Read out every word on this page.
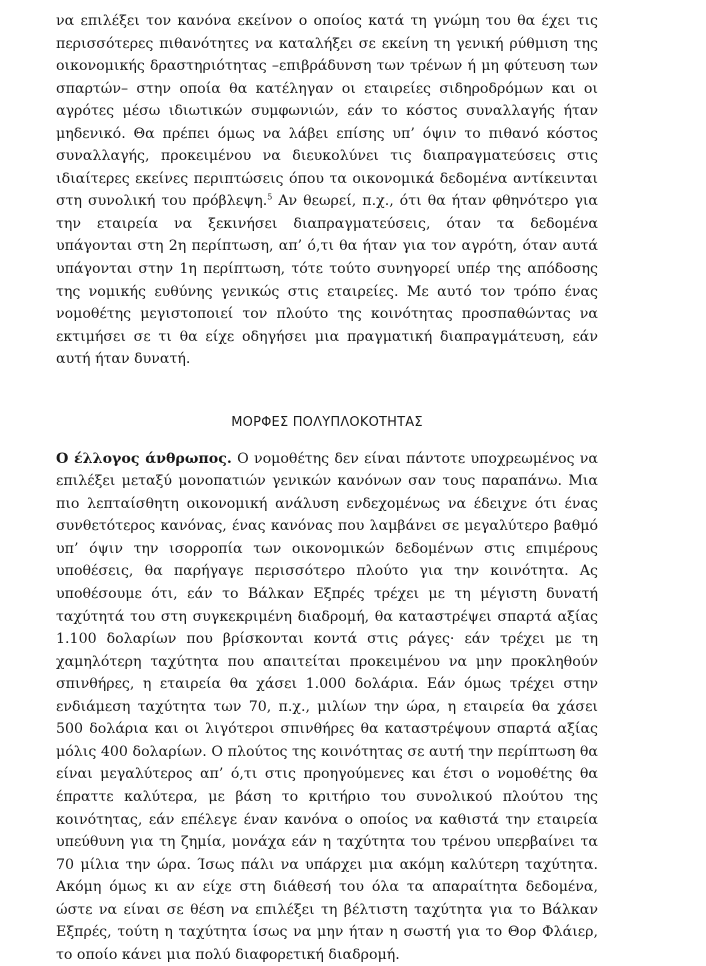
να επιλέξει τον κανόνα εκείνον ο οποίος κατά τη γνώμη του θα έχει τις περισσότερες πιθανότητες να καταλήξει σε εκείνη τη γενική ρύθμιση της οικονομικής δραστηριότητας –επιβράδυνση των τρένων ή μη φύτευση των σπαρτών– στην οποία θα κατέληγαν οι εταιρείες σιδηροδρόμων και οι αγρότες μέσω ιδιωτικών συμφωνιών, εάν το κόστος συναλλαγής ήταν μηδενικό. Θα πρέπει όμως να λάβει επίσης υπ’ όψιν το πιθανό κόστος συναλλαγής, προκειμένου να διευκολύνει τις διαπραγματεύσεις στις ιδιαίτερες εκείνες περιπτώσεις όπου τα οικονομικά δεδομένα αντίκεινται στη συνολική του πρόβλεψη.$^5$ Αν θεωρεί, π.χ., ότι θα ήταν φθηνότερο για την εταιρεία να ξεκινήσει διαπραγματεύσεις, όταν τα δεδομένα υπάγονται στη 2η περίπτωση, απ’ ό,τι θα ήταν για τον αγρότη, όταν αυτά υπάγονται στην 1η περίπτωση, τότε τούτο συνηγορεί υπέρ της απόδοσης της νομικής ευθύνης γενικώς στις εταιρείες. Με αυτό τον τρόπο ένας νομοθέτης μεγιστοποιεί τον πλούτο της κοινότητας προσπαθώντας να εκτιμήσει σε τι θα είχε οδηγήσει μια πραγματική διαπραγμάτευση, εάν αυτή ήταν δυνατή.

ΜΟΡΦΕΣ ΠΟΛΥΠΛΟΚΟΤΗΤΑΣ

Ο έλλογος άνθρωπος. Ο νομοθέτης δεν είναι πάντοτε υποχρεωμένος να επιλέξει μεταξύ μονοπατιών γενικών κανόνων σαν τους παραπάνω. Μια πιο λεπταίσθητη οικονομική ανάλυση ενδεχομένως να έδειχνε ότι ένας συνθετότερος κανόνας, ένας κανόνας που λαμβάνει σε μεγαλύτερο βαθμό υπ’ όψιν την ισορροπία των οικονομικών δεδομένων στις επιμέρους υποθέσεις, θα παρήγαγε περισσότερο πλούτο για την κοινότητα. Ας υποθέσουμε ότι, εάν το Βάλκαν Εξπρές τρέχει με τη μέγιστη δυνατή ταχύτητά του στη συγκεκριμένη διαδρομή, θα καταστρέψει σπαρτά αξίας 1.100 δολαρίων που βρίσκονται κοντά στις ράγες· εάν τρέχει με τη χαμηλότερη ταχύτητα που απαιτείται προκειμένου να μην προκληθούν σπινθήρες, η εταιρεία θα χάσει 1.000 δολάρια. Εάν όμως τρέχει στην ενδιάμεση ταχύτητα των 70, π.χ., μιλίων την ώρα, η εταιρεία θα χάσει 500 δολάρια και οι λιγότεροι σπινθήρες θα καταστρέψουν σπαρτά αξίας μόλις 400 δολαρίων. Ο πλούτος της κοινότητας σε αυτή την περίπτωση θα είναι μεγαλύτερος απ’ ό,τι στις προηγούμενες και έτσι ο νομοθέτης θα έπραττε καλύτερα, με βάση το κριτήριο του συνολικού πλούτου της κοινότητας, εάν επέλεγε έναν κανόνα ο οποίος να καθιστά την εταιρεία υπεύθυνη για τη ζημία, μονάχα εάν η ταχύτητα του τρένου υπερβαίνει τα 70 μίλια την ώρα. Ίσως πάλι να υπάρχει μια ακόμη καλύτερη ταχύτητα. Ακόμη όμως κι αν είχε στη διάθεσή του όλα τα απαραίτητα δεδομένα, ώστε να είναι σε θέση να επιλέξει τη βέλτιστη ταχύτητα για το Βάλκαν Εξπρές, τούτη η ταχύτητα ίσως να μην ήταν η σωστή για το Θορ Φλάιερ, το οποίο κάνει μια πολύ διαφορετική διαδρομή.
